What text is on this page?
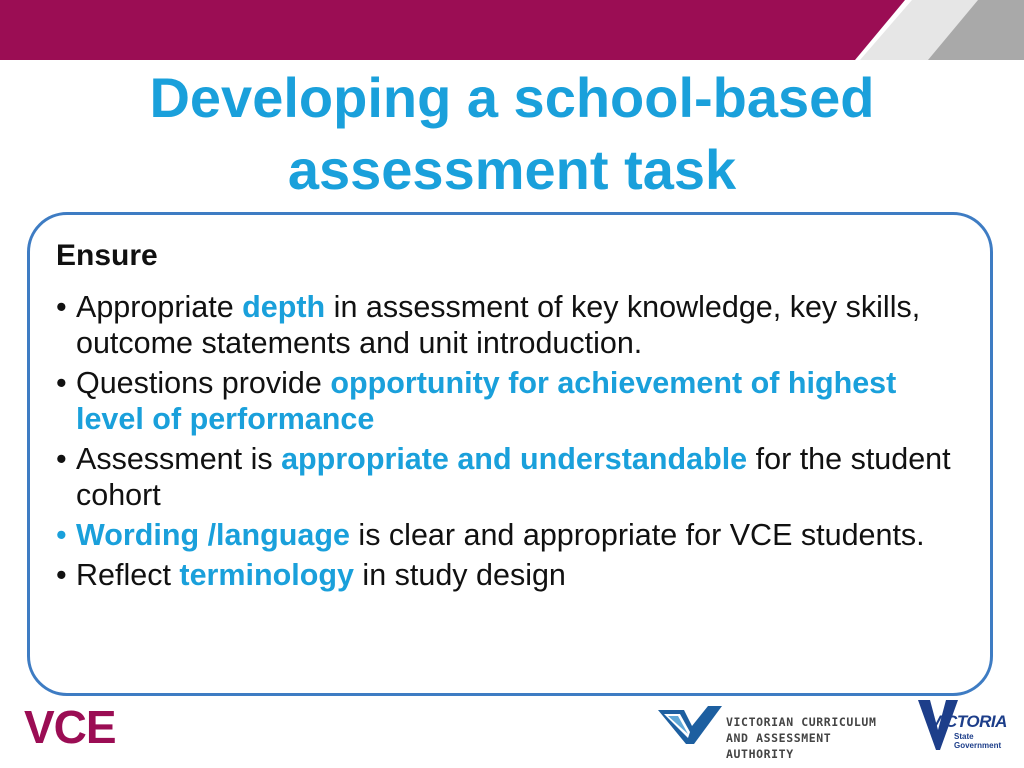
Developing a school-based
assessment task
Ensure
• Appropriate depth in assessment of key knowledge, key skills, outcome statements and unit introduction.
• Questions provide opportunity for achievement of highest level of performance
• Assessment is appropriate and understandable for the student cohort
• Wording /language is clear and appropriate for VCE students.
• Reflect terminology in study design
VCE	VICTORIAN CURRICULUM
AND ASSESSMENT AUTHORITY
VICTORIA
State
Government
